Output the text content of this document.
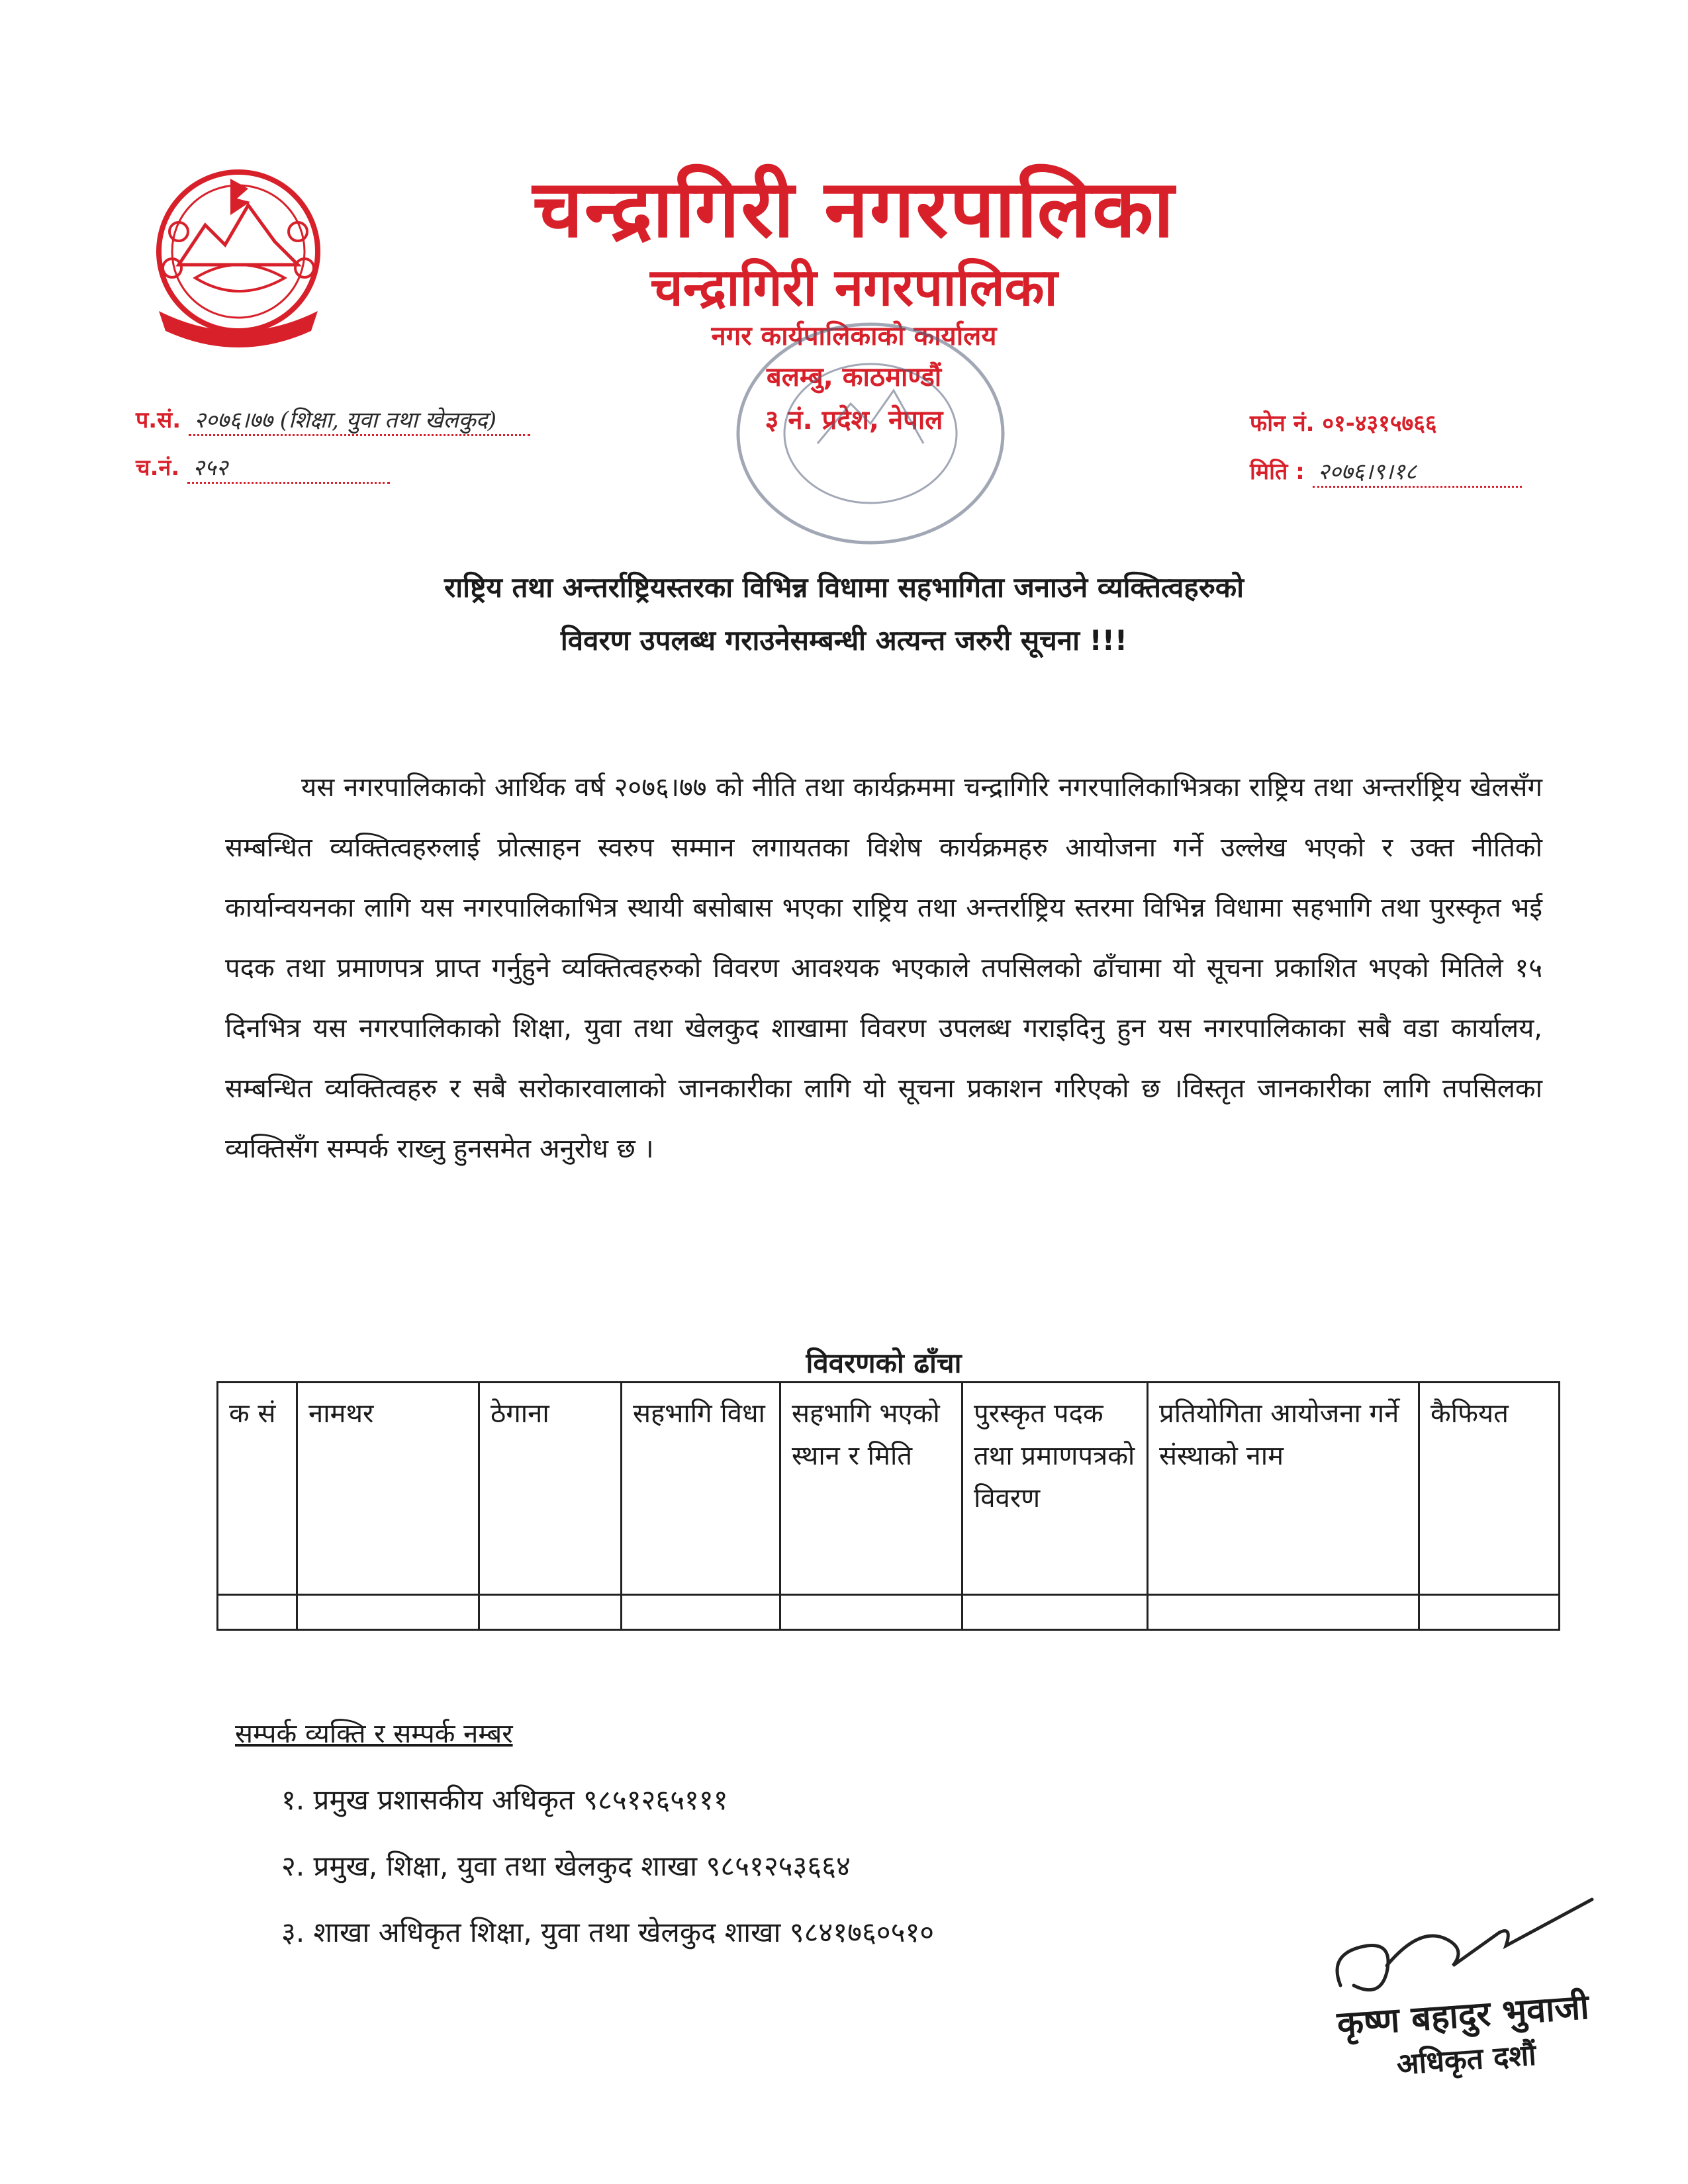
चन्द्रागिरी नगरपालिका
चन्द्रागिरी नगरपालिका
नगर कार्यपालिकाको कार्यालय
बलम्बु, काठमाण्डौं
३ नं. प्रदेश, नेपाल
प.सं. २०७६।७७ (शिक्षा, युवा तथा खेलकुद)
च.नं. २५२
फोन नं. ०१-४३१५७६६
मिति : २०७६।९।१८
राष्ट्रिय तथा अन्तर्राष्ट्रियस्तरका विभिन्न विधामा सहभागिता जनाउने व्यक्तित्वहरुको
विवरण उपलब्ध गराउनेसम्बन्धी अत्यन्त जरुरी सूचना !!!
यस नगरपालिकाको आर्थिक वर्ष २०७६।७७ को नीति तथा कार्यक्रममा चन्द्रागिरि नगरपालिकाभित्रका राष्ट्रिय तथा अन्तर्राष्ट्रिय खेलसँग सम्बन्धित व्यक्तित्वहरुलाई प्रोत्साहन स्वरुप सम्मान लगायतका विशेष कार्यक्रमहरु आयोजना गर्ने उल्लेख भएको र उक्त नीतिको कार्यान्वयनका लागि यस नगरपालिकाभित्र स्थायी बसोबास भएका राष्ट्रिय तथा अन्तर्राष्ट्रिय स्तरमा विभिन्न विधामा सहभागि तथा पुरस्कृत भई पदक तथा प्रमाणपत्र प्राप्त गर्नुहुने व्यक्तित्वहरुको विवरण आवश्यक भएकाले तपसिलको ढाँचामा यो सूचना प्रकाशित भएको मितिले १५ दिनभित्र यस नगरपालिकाको शिक्षा, युवा तथा खेलकुद शाखामा विवरण उपलब्ध गराइदिनु हुन यस नगरपालिकाका सबै वडा कार्यालय, सम्बन्धित व्यक्तित्वहरु र सबै सरोकारवालाको जानकारीका लागि यो सूचना प्रकाशन गरिएको छ ।विस्तृत जानकारीका लागि तपसिलका व्यक्तिसँग सम्पर्क राख्नु हुनसमेत अनुरोध छ ।
विवरणको ढाँचा
क सं	नामथर	ठेगाना	सहभागि विधा	सहभागि भएको स्थान र मिति	पुरस्कृत पदक तथा प्रमाणपत्रको विवरण	प्रतियोगिता आयोजना गर्ने संस्थाको नाम	कैफियत

सम्पर्क व्यक्ति र सम्पर्क नम्बर
१. प्रमुख प्रशासकीय अधिकृत ९८५१२६५१११
२. प्रमुख, शिक्षा, युवा तथा खेलकुद शाखा ९८५१२५३६६४
३. शाखा अधिकृत शिक्षा, युवा तथा खेलकुद शाखा ९८४१७६०५१०
कृष्ण बहादुर भुवाजी
अधिकृत दशौं
